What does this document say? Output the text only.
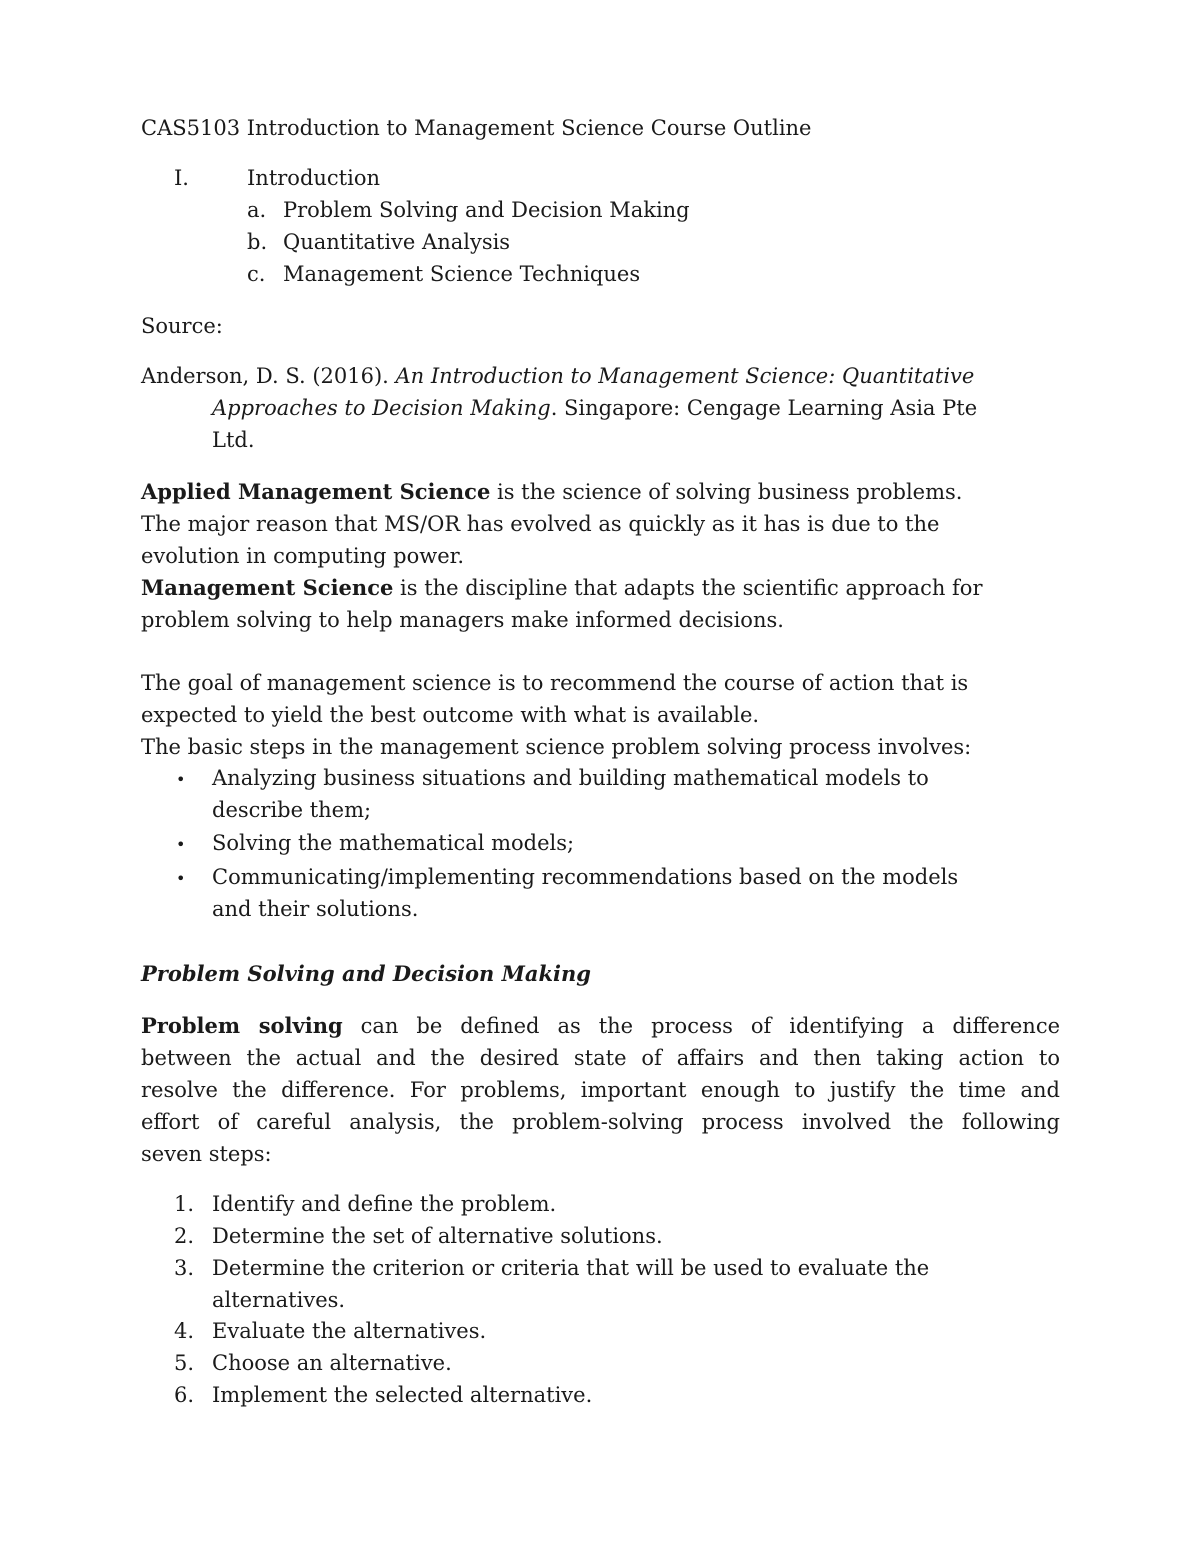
CAS5103 Introduction to Management Science Course Outline
I.	Introduction
a. Problem Solving and Decision Making
b. Quantitative Analysis
c. Management Science Techniques
Source:
Anderson, D. S. (2016). An Introduction to Management Science: Quantitative
Approaches to Decision Making. Singapore: Cengage Learning Asia Pte
Ltd.
Applied Management Science is the science of solving business problems.
The major reason that MS/OR has evolved as quickly as it has is due to the
evolution in computing power.
Management Science is the discipline that adapts the scientific approach for
problem solving to help managers make informed decisions.
The goal of management science is to recommend the course of action that is
expected to yield the best outcome with what is available.
The basic steps in the management science problem solving process involves:
• Analyzing business situations and building mathematical models to
describe them;
• Solving the mathematical models;
• Communicating/implementing recommendations based on the models
and their solutions.
Problem Solving and Decision Making
Problem solving can be defined as the process of identifying a difference
between the actual and the desired state of affairs and then taking action to
resolve the difference. For problems, important enough to justify the time and
effort of careful analysis, the problem-solving process involved the following
seven steps:
1. Identify and define the problem.
2. Determine the set of alternative solutions.
3. Determine the criterion or criteria that will be used to evaluate the
alternatives.
4. Evaluate the alternatives.
5. Choose an alternative.
6. Implement the selected alternative.
